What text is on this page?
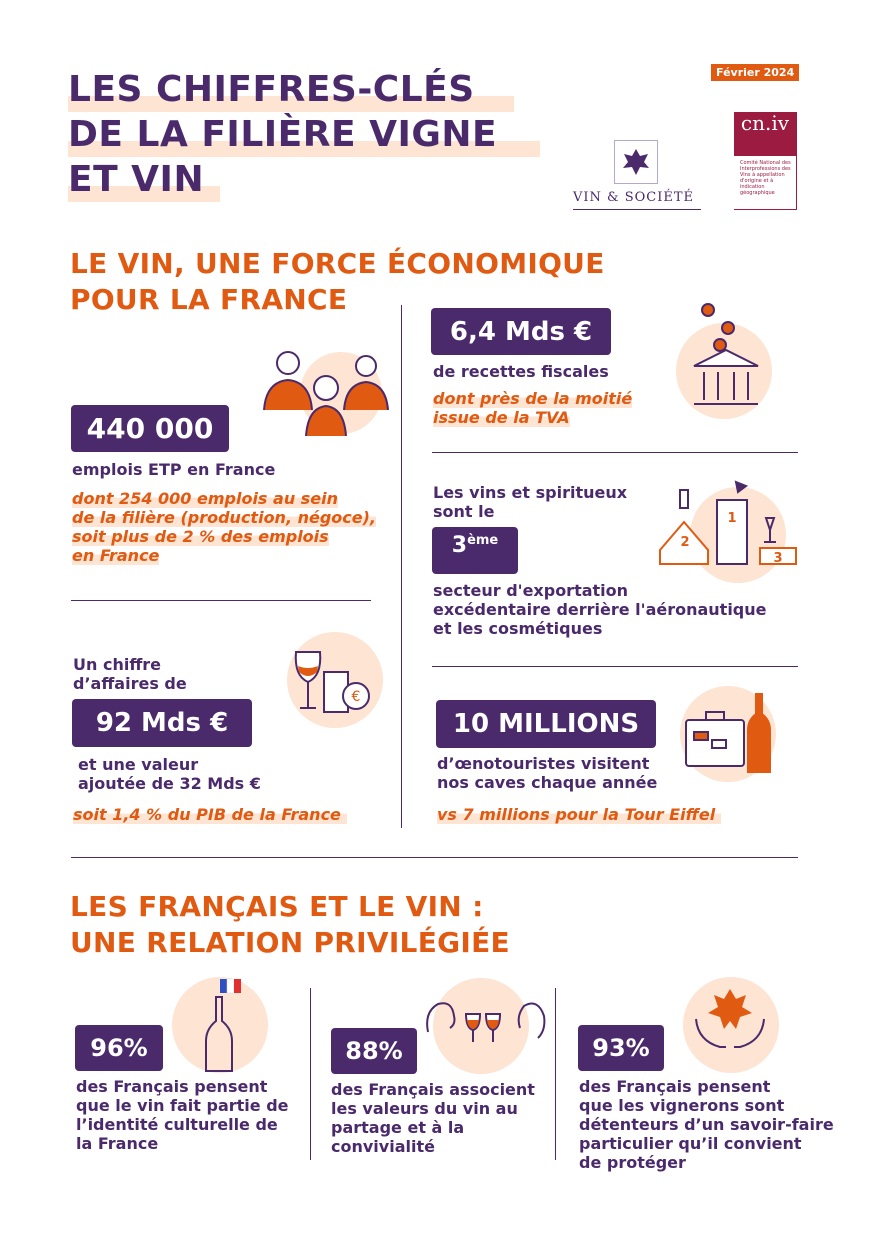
LES CHIFFRES-CLÉS
DE LA FILIÈRE VIGNE
ET VIN
Février 2024
VIN & SOCIÉTÉ
cn.iv
Comité National des Interprofessions des Vins à appellation d'origine et à indication géographique
LE VIN, UNE FORCE ÉCONOMIQUE
POUR LA FRANCE
440 000
emplois ETP en France
dont 254 000 emplois au sein
de la filière (production, négoce),
soit plus de 2 % des emplois
en France
6,4 Mds €
de recettes fiscales
dont près de la moitié
issue de la TVA
Les vins et spiritueux
sont le
3 ème
1
2
3
secteur d'exportation
excédentaire derrière l'aéronautique
et les cosmétiques
Un chiffre
d’affaires de
€
92 Mds €
et une valeur
ajoutée de 32 Mds €
soit 1,4 % du PIB de la France
10 MILLIONS
d’œnotouristes visitent
nos caves chaque année
vs 7 millions pour la Tour Eiffel
LES FRANÇAIS ET LE VIN :
UNE RELATION PRIVILÉGIÉE
96%
des Français pensent
que le vin fait partie de
l’identité culturelle de
la France
88%
des Français associent
les valeurs du vin au
partage et à la
convivialité
93%
des Français pensent
que les vignerons sont
détenteurs d’un savoir-faire
particulier qu’il convient
de protéger
